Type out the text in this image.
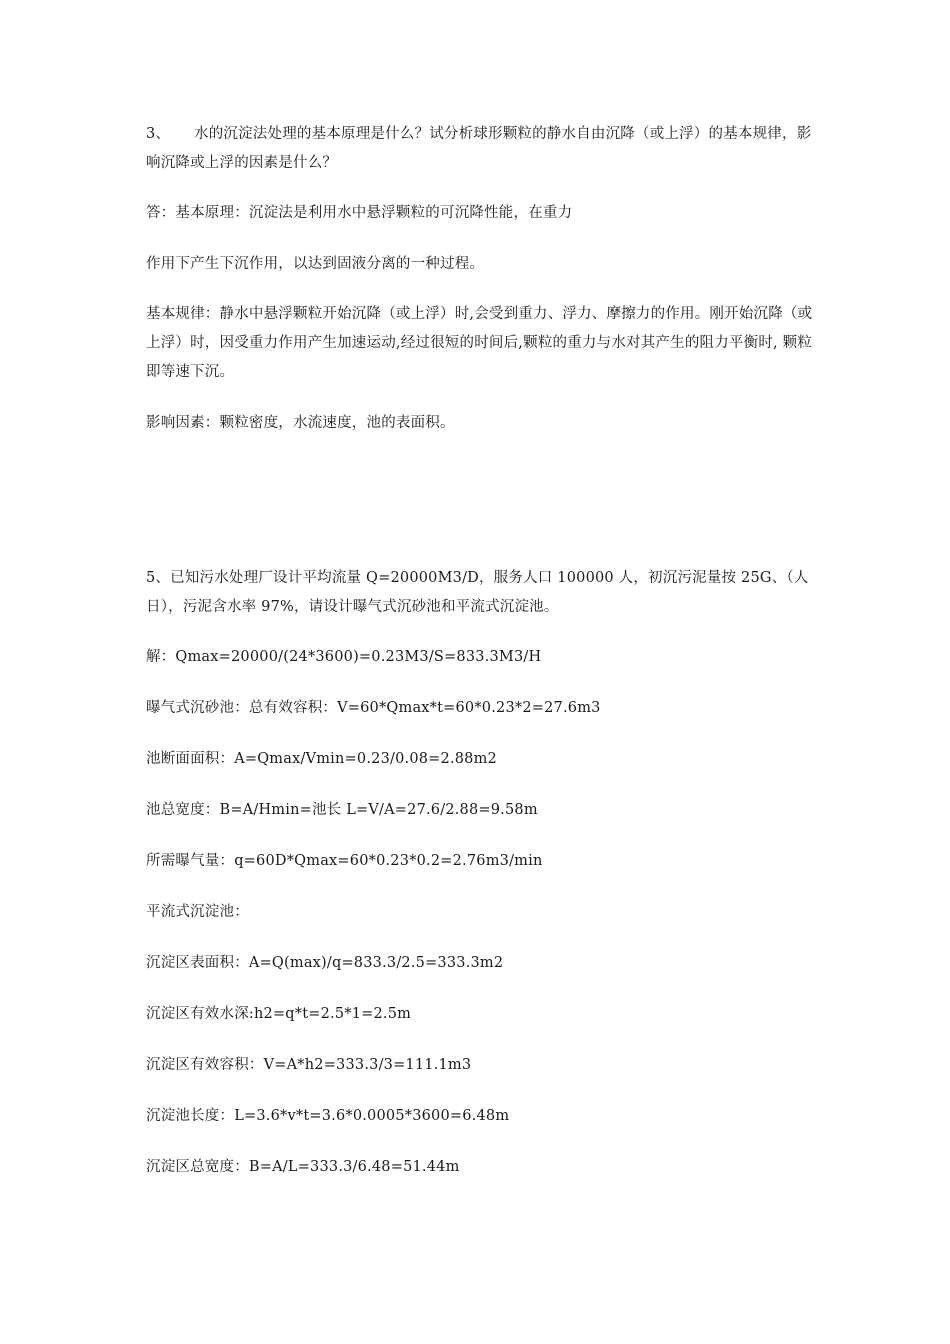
3、 水的沉淀法处理的基本原理是什么？试分析球形颗粒的静水自由沉降（或上浮）的基本规律，影响沉降或上浮的因素是什么？

答：基本原理：沉淀法是利用水中悬浮颗粒的可沉降性能，在重力

作用下产生下沉作用，以达到固液分离的一种过程。

基本规律：静水中悬浮颗粒开始沉降（或上浮）时,会受到重力、浮力、摩擦力的作用。刚开始沉降（或上浮）时，因受重力作用产生加速运动,经过很短的时间后,颗粒的重力与水对其产生的阻力平衡时, 颗粒即等速下沉。

影响因素：颗粒密度，水流速度，池的表面积。

5、已知污水处理厂设计平均流量 Q=20000M3/D，服务人口 100000 人，初沉污泥量按 25G、（人 日），污泥含水率 97%，请设计曝气式沉砂池和平流式沉淀池。

解：Qmax=20000/(24*3600)=0.23M3/S=833.3M3/H

曝气式沉砂池：总有效容积：V=60*Qmax*t=60*0.23*2=27.6m3

池断面面积：A=Qmax/Vmin=0.23/0.08=2.88m2

池总宽度：B=A/Hmin=池长 L=V/A=27.6/2.88=9.58m

所需曝气量：q=60D*Qmax=60*0.23*0.2=2.76m3/min

平流式沉淀池：

沉淀区表面积：A=Q(max)/q=833.3/2.5=333.3m2

沉淀区有效水深:h2=q*t=2.5*1=2.5m

沉淀区有效容积：V=A*h2=333.3/3=111.1m3

沉淀池长度：L=3.6*v*t=3.6*0.0005*3600=6.48m

沉淀区总宽度：B=A/L=333.3/6.48=51.44m
